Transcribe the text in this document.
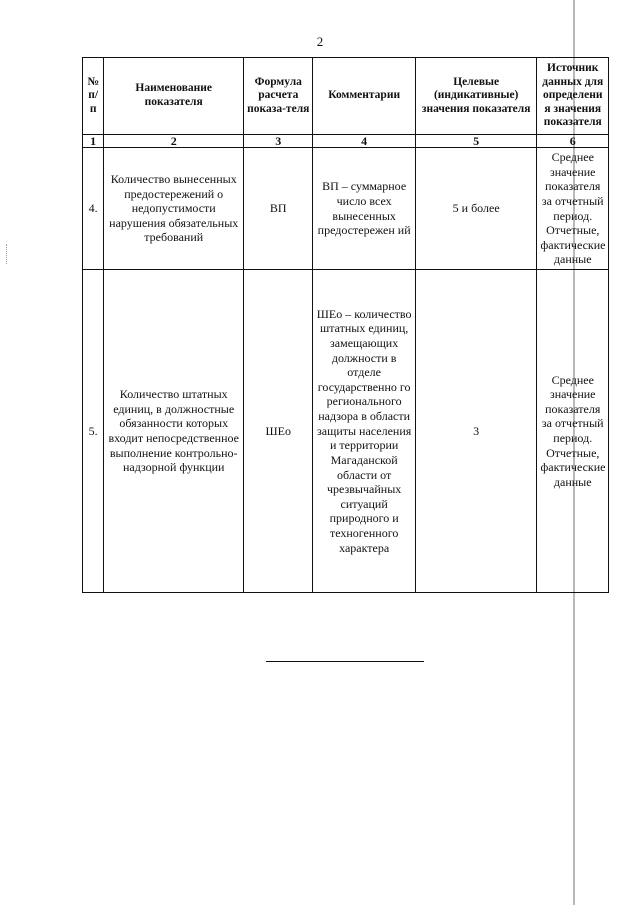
2
№ п/п	Наименование показателя	Формула расчета показа-теля	Комментарии	Целевые (индикативные) значения показателя	Источник данных для определени я значения показателя
1	2	3	4	5	6
4.	Количество вынесенных предостережений о недопустимости нарушения обязательных требований	ВП	ВП – суммарное число всех вынесенных предостережен ий	5 и более	Среднее значение показателя за отчетный период. Отчетные, фактические данные
5.	Количество штатных единиц, в должностные обязанности которых входит непосредственное выполнение контрольно-надзорной функции	ШЕо	ШЕо – количество штатных единиц, замещающих должности в отделе государственно го регионального надзора в области защиты населения и территории Магаданской области от чрезвычайных ситуаций природного и техногенного характера	3	Среднее значение показателя за отчетный период. Отчетные, фактические данные
